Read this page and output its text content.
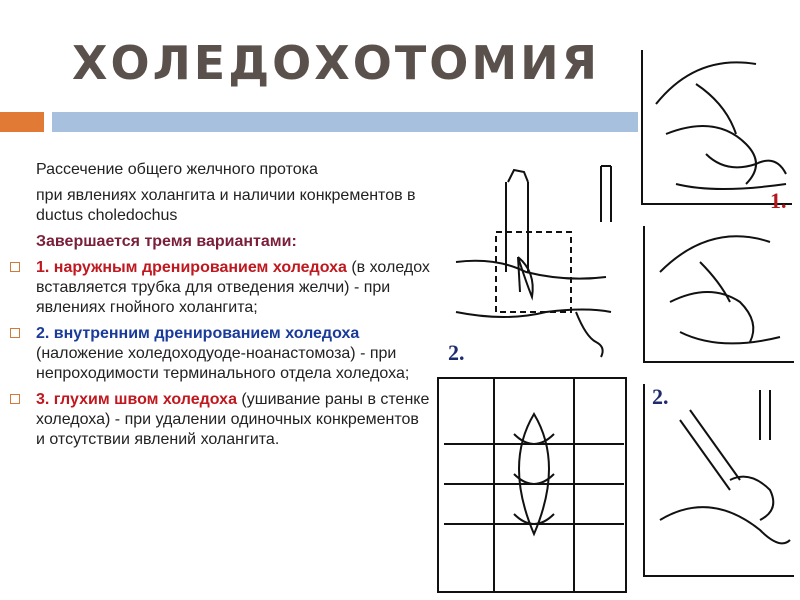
ХОЛЕДОХОТОМИЯ

Рассечение общего желчного протока

при явлениях холангита и наличии конкрементов в ductus choledochus

Завершается тремя вариантами:

1. наружным дренированием холедоха (в холедох вставляется трубка для отведения желчи) - при явлениях гнойного холангита;

2. внутренним дренированием холедоха (наложение холедоходуоде-ноанастомоза) - при непроходимости терминального отдела холедоха;

3. глухим швом холедоха (ушивание раны в стенке холедоха) - при удалении одиночных конкрементов и отсутствии явлений холангита.

2.
1.
2.
